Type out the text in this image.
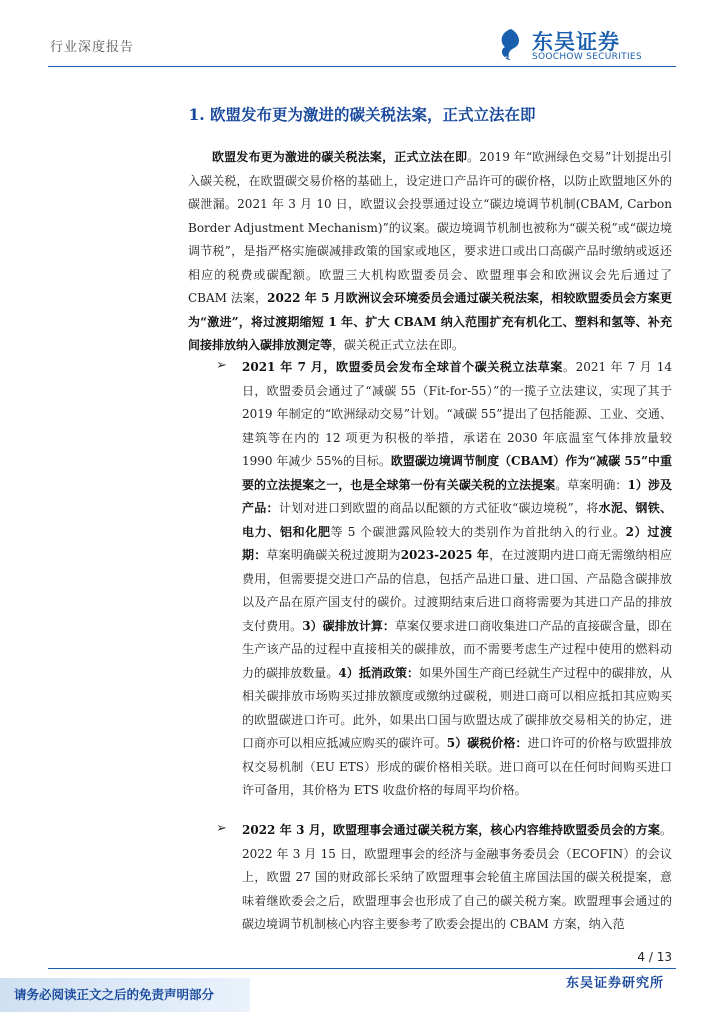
行业深度报告
SCS
东吴证券
SOOCHOW SECURITIES
1. 欧盟发布更为激进的碳关税法案，正式立法在即
欧盟发布更为激进的碳关税法案，正式立法在即。2019 年“欧洲绿色交易”计划提出引入碳关税，在欧盟碳交易价格的基础上，设定进口产品许可的碳价格，以防止欧盟地区外的碳泄漏。2021 年 3 月 10 日，欧盟议会投票通过设立“碳边境调节机制(CBAM, Carbon Border Adjustment Mechanism)”的议案。碳边境调节机制也被称为“碳关税”或“碳边境调节税”，是指严格实施碳减排政策的国家或地区，要求进口或出口高碳产品时缴纳或返还相应的税费或碳配额。欧盟三大机构欧盟委员会、欧盟理事会和欧洲议会先后通过了 CBAM 法案，2022 年 5 月欧洲议会环境委员会通过碳关税法案，相较欧盟委员会方案更为“激进”，将过渡期缩短 1 年、扩大 CBAM 纳入范围扩充有机化工、塑料和氢等、补充间接排放纳入碳排放测定等，碳关税正式立法在即。
➢ 2021 年 7 月，欧盟委员会发布全球首个碳关税立法草案。2021 年 7 月 14 日，欧盟委员会通过了“减碳 55（Fit-for-55）”的一揽子立法建议，实现了其于 2019 年制定的“欧洲绿动交易”计划。“减碳 55”提出了包括能源、工业、交通、建筑等在内的 12 项更为积极的举措，承诺在 2030 年底温室气体排放量较 1990 年减少 55%的目标。欧盟碳边境调节制度（CBAM）作为“减碳 55”中重要的立法提案之一，也是全球第一份有关碳关税的立法提案。草案明确：1）涉及产品：计划对进口到欧盟的商品以配额的方式征收“碳边境税”，将水泥、钢铁、电力、铝和化肥等 5 个碳泄露风险较大的类别作为首批纳入的行业。2）过渡期：草案明确碳关税过渡期为2023-2025 年，在过渡期内进口商无需缴纳相应费用，但需要提交进口产品的信息，包括产品进口量、进口国、产品隐含碳排放以及产品在原产国支付的碳价。过渡期结束后进口商将需要为其进口产品的排放支付费用。3）碳排放计算：草案仅要求进口商收集进口产品的直接碳含量，即在生产该产品的过程中直接相关的碳排放，而不需要考虑生产过程中使用的燃料动力的碳排放数量。4）抵消政策：如果外国生产商已经就生产过程中的碳排放，从相关碳排放市场购买过排放额度或缴纳过碳税，则进口商可以相应抵扣其应购买的欧盟碳进口许可。此外，如果出口国与欧盟达成了碳排放交易相关的协定，进口商亦可以相应抵减应购买的碳许可。5）碳税价格：进口许可的价格与欧盟排放权交易机制（EU ETS）形成的碳价格相关联。进口商可以在任何时间购买进口许可备用，其价格为 ETS 收盘价格的每周平均价格。
➢ 2022 年 3 月，欧盟理事会通过碳关税方案，核心内容维持欧盟委员会的方案。2022 年 3 月 15 日，欧盟理事会的经济与金融事务委员会（ECOFIN）的会议上，欧盟 27 国的财政部长采纳了欧盟理事会轮值主席国法国的碳关税提案，意味着继欧委会之后，欧盟理事会也形成了自己的碳关税方案。欧盟理事会通过的碳边境调节机制核心内容主要参考了欧委会提出的 CBAM 方案，纳入范
4 / 13
请务必阅读正文之后的免责声明部分
东吴证券研究所
